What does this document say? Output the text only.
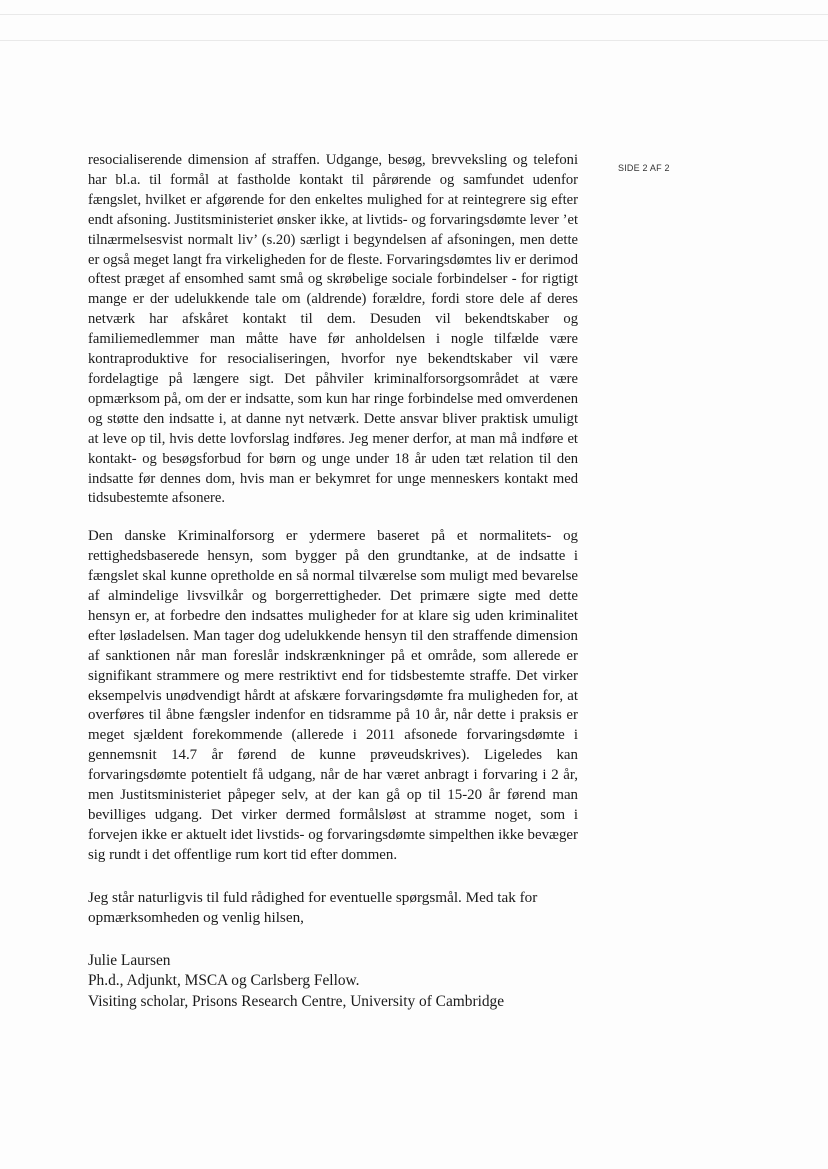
SIDE 2 AF 2

resocialiserende dimension af straffen. Udgange, besøg, brevveksling og telefoni har bl.a. til formål at fastholde kontakt til pårørende og samfundet udenfor fængslet, hvilket er afgørende for den enkeltes mulighed for at reintegrere sig efter endt afsoning. Justitsministeriet ønsker ikke, at livtids- og forvaringsdømte lever ’et tilnærmelsesvist normalt liv’ (s.20) særligt i begyndelsen af afsoningen, men dette er også meget langt fra virkeligheden for de fleste. Forvaringsdømtes liv er derimod oftest præget af ensomhed samt små og skrøbelige sociale forbindelser - for rigtigt mange er der udelukkende tale om (aldrende) forældre, fordi store dele af deres netværk har afskåret kontakt til dem. Desuden vil bekendtskaber og familiemedlemmer man måtte have før anholdelsen i nogle tilfælde være kontraproduktive for resocialiseringen, hvorfor nye bekendtskaber vil være fordelagtige på længere sigt. Det påhviler kriminalforsorgsområdet at være opmærksom på, om der er indsatte, som kun har ringe forbindelse med omverdenen og støtte den indsatte i, at danne nyt netværk. Dette ansvar bliver praktisk umuligt at leve op til, hvis dette lovforslag indføres. Jeg mener derfor, at man må indføre et kontakt- og besøgsforbud for børn og unge under 18 år uden tæt relation til den indsatte før dennes dom, hvis man er bekymret for unge menneskers kontakt med tidsubestemte afsonere.

Den danske Kriminalforsorg er ydermere baseret på et normalitets- og rettighedsbaserede hensyn, som bygger på den grundtanke, at de indsatte i fængslet skal kunne opretholde en så normal tilværelse som muligt med bevarelse af almindelige livsvilkår og borgerrettigheder. Det primære sigte med dette hensyn er, at forbedre den indsattes muligheder for at klare sig uden kriminalitet efter løsladelsen. Man tager dog udelukkende hensyn til den straffende dimension af sanktionen når man foreslår indskrænkninger på et område, som allerede er signifikant strammere og mere restriktivt end for tidsbestemte straffe. Det virker eksempelvis unødvendigt hårdt at afskære forvaringsdømte fra muligheden for, at overføres til åbne fængsler indenfor en tidsramme på 10 år, når dette i praksis er meget sjældent forekommende (allerede i 2011 afsonede forvaringsdømte i gennemsnit 14.7 år førend de kunne prøveudskrives). Ligeledes kan forvaringsdømte potentielt få udgang, når de har været anbragt i forvaring i 2 år, men Justitsministeriet påpeger selv, at der kan gå op til 15-20 år førend man bevilliges udgang. Det virker dermed formålsløst at stramme noget, som i forvejen ikke er aktuelt idet livstids- og forvaringsdømte simpelthen ikke bevæger sig rundt i det offentlige rum kort tid efter dommen.

Jeg står naturligvis til fuld rådighed for eventuelle spørgsmål. Med tak for opmærksomheden og venlig hilsen,

Julie Laursen
Ph.d., Adjunkt, MSCA og Carlsberg Fellow.
Visiting scholar, Prisons Research Centre, University of Cambridge
